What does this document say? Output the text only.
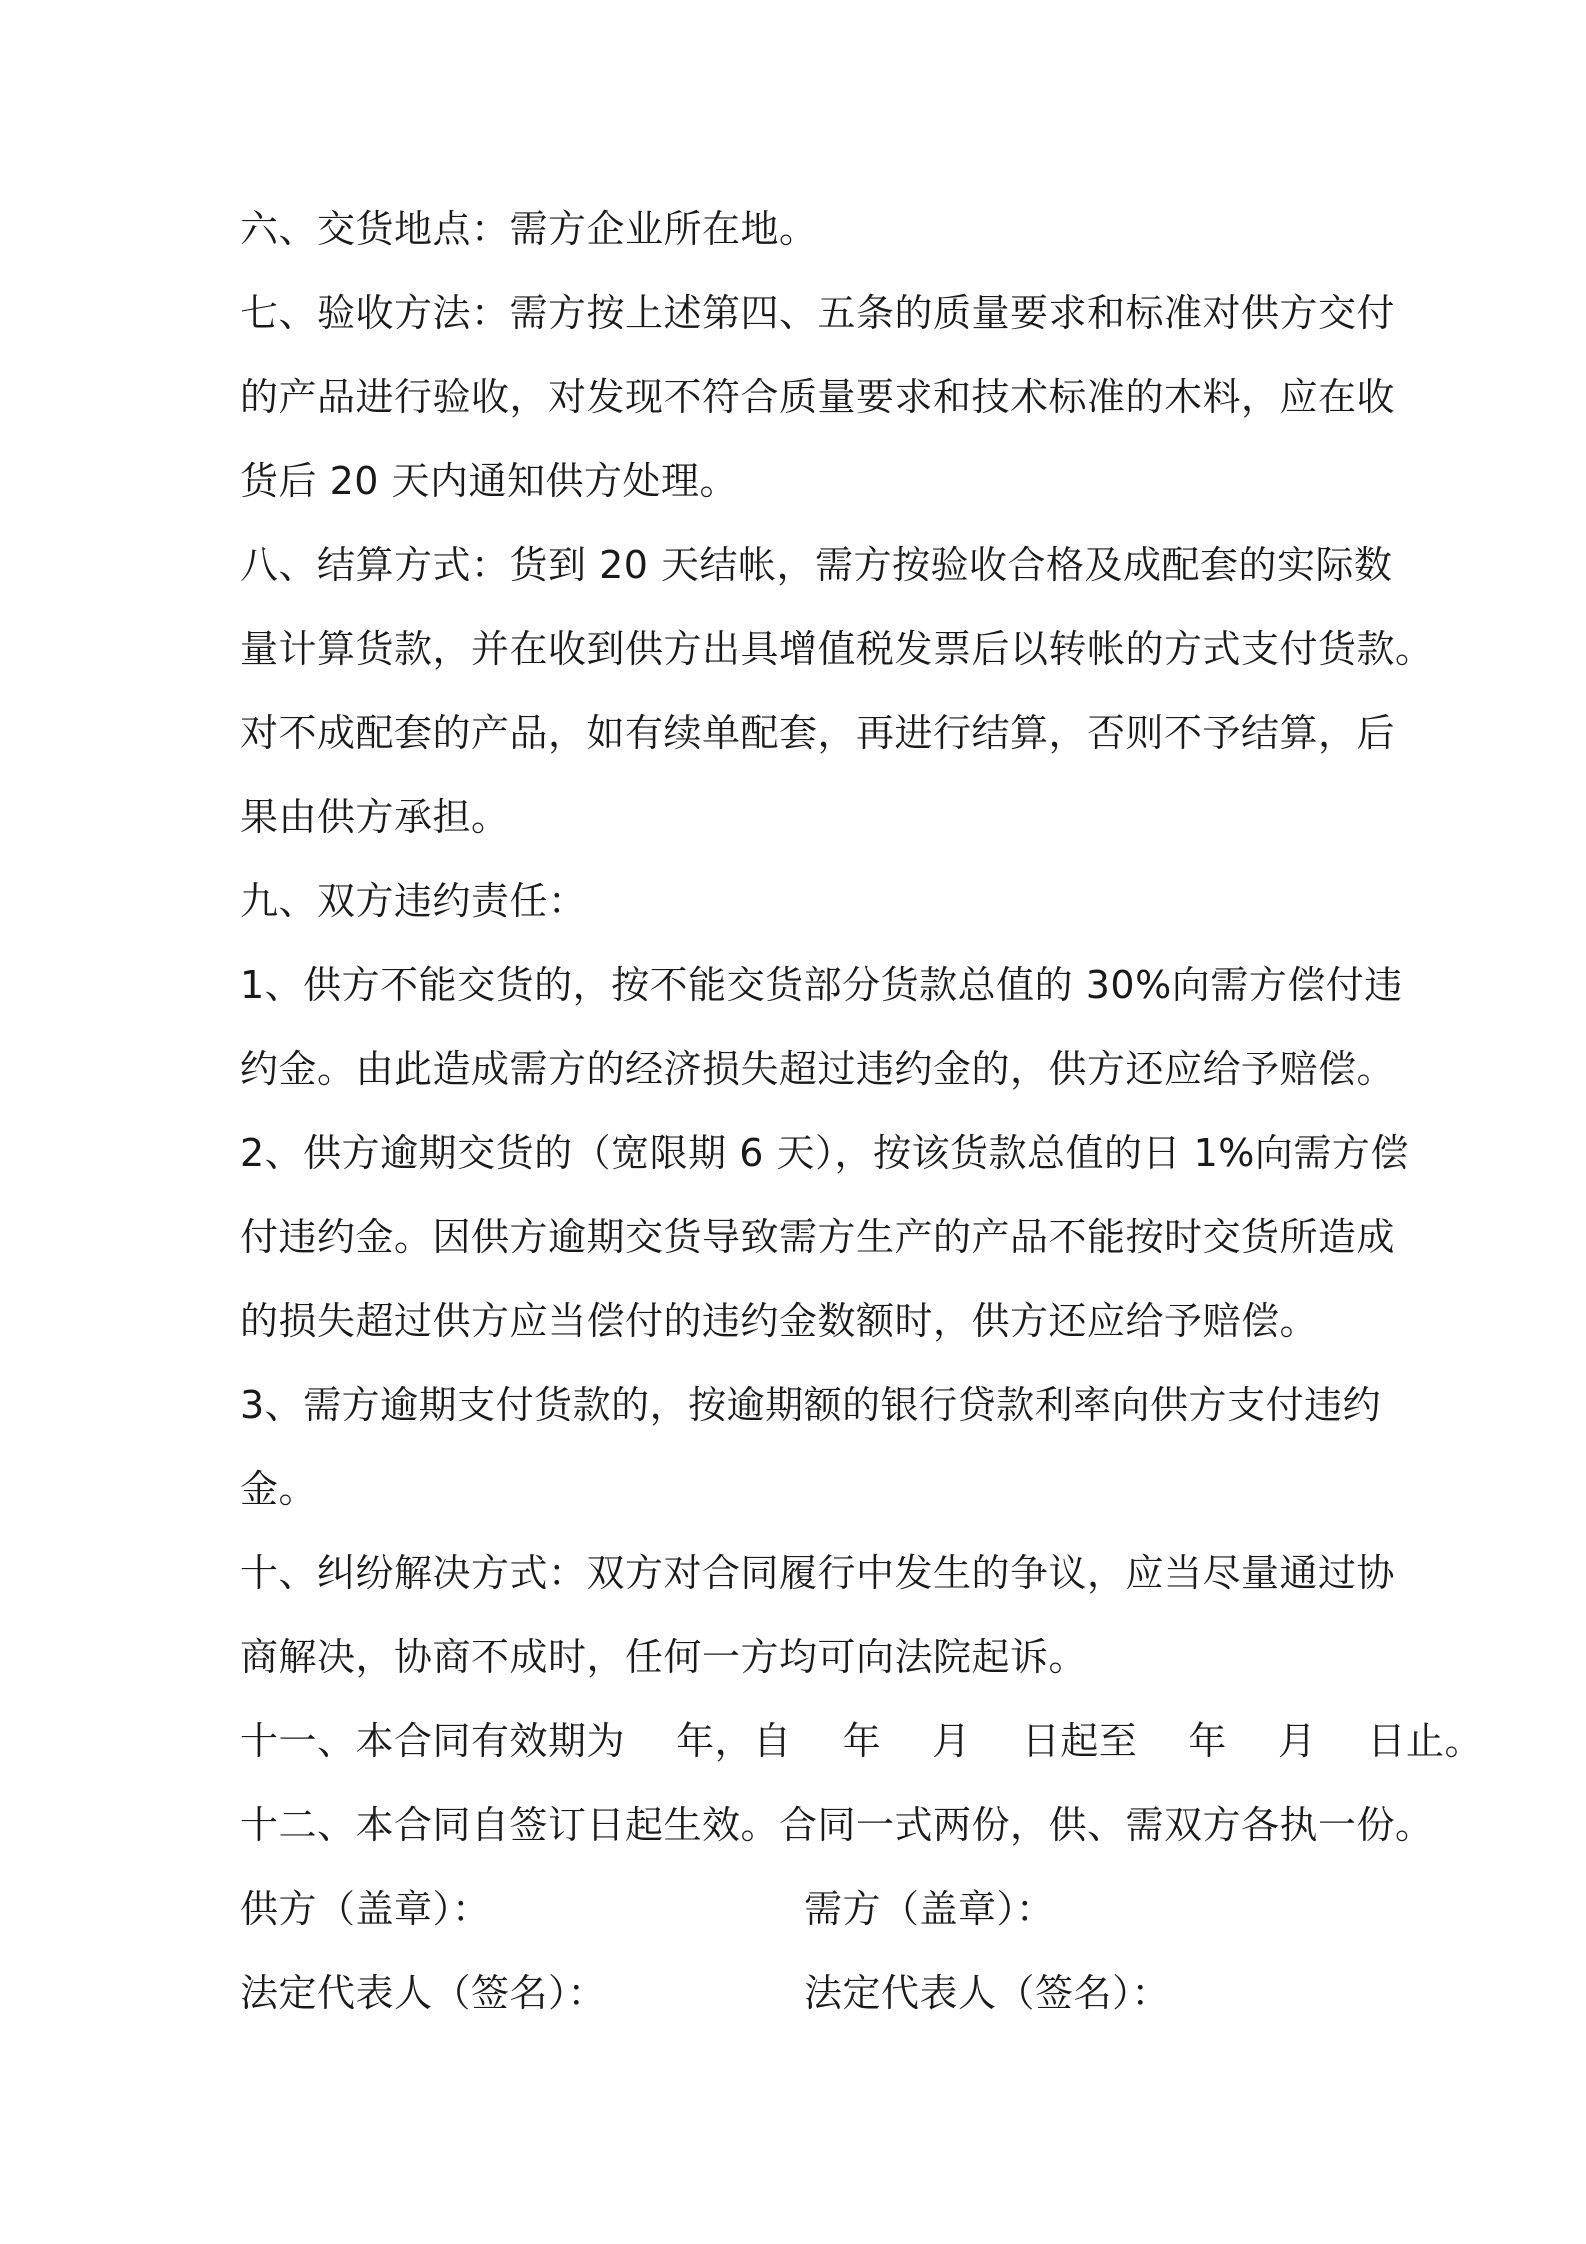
六、交货地点：需方企业所在地。
七、验收方法：需方按上述第四、五条的质量要求和标准对供方交付
的产品进行验收，对发现不符合质量要求和技术标准的木料，应在收
货后 20 天内通知供方处理。
八、结算方式：货到 20 天结帐，需方按验收合格及成配套的实际数
量计算货款，并在收到供方出具增值税发票后以转帐的方式支付货款。
对不成配套的产品，如有续单配套，再进行结算，否则不予结算，后
果由供方承担。
九、双方违约责任：
1、供方不能交货的，按不能交货部分货款总值的 30%向需方偿付违
约金。由此造成需方的经济损失超过违约金的，供方还应给予赔偿。
2、供方逾期交货的（宽限期 6 天），按该货款总值的日 1%向需方偿
付违约金。因供方逾期交货导致需方生产的产品不能按时交货所造成
的损失超过供方应当偿付的违约金数额时，供方还应给予赔偿。
3、需方逾期支付货款的，按逾期额的银行贷款利率向供方支付违约
金。
十、纠纷解决方式：双方对合同履行中发生的争议，应当尽量通过协
商解决，协商不成时，任何一方均可向法院起诉。
十一、本合同有效期为　 年，自　 年　 月　 日起至　 年　 月　 日止。
十二、本合同自签订日起生效。合同一式两份，供、需双方各执一份。
供方（盖章）：	需方（盖章）：
法定代表人（签名）：	法定代表人（签名）：
